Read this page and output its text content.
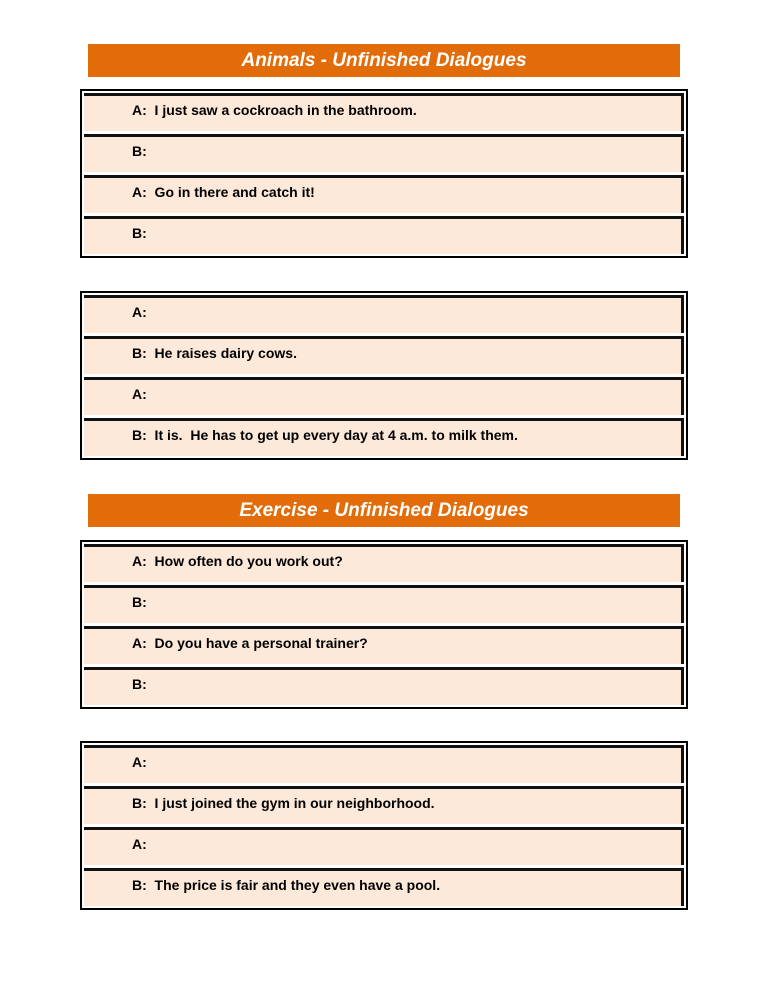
Animals - Unfinished Dialogues
A:  I just saw a cockroach in the bathroom.
B:
A:  Go in there and catch it!
B:
A:
B:  He raises dairy cows.
A:
B:  It is.  He has to get up every day at 4 a.m. to milk them.
Exercise - Unfinished Dialogues
A:  How often do you work out?
B:
A:  Do you have a personal trainer?
B:
A:
B:  I just joined the gym in our neighborhood.
A:
B:  The price is fair and they even have a pool.
